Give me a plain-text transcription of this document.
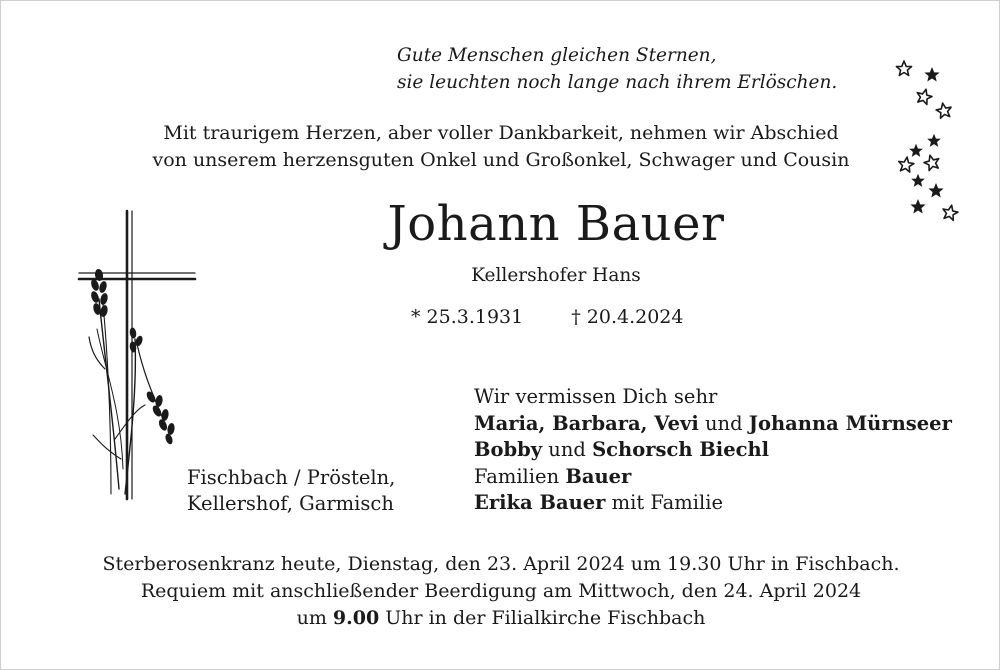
Gute Menschen gleichen Sternen,
sie leuchten noch lange nach ihrem Erlöschen.
Mit traurigem Herzen, aber voller Dankbarkeit, nehmen wir Abschied
von unserem herzensguten Onkel und Großonkel, Schwager und Cousin
Johann Bauer
Kellershofer Hans
* 25.3.1931	† 20.4.2024
Fischbach / Prösteln,
Kellershof, Garmisch
Wir vermissen Dich sehr
Maria, Barbara, Vevi und Johanna Mürnseer
Bobby und Schorsch Biechl
Familien Bauer
Erika Bauer mit Familie
Sterberosenkranz heute, Dienstag, den 23. April 2024 um 19.30 Uhr in Fischbach.
Requiem mit anschließender Beerdigung am Mittwoch, den 24. April 2024
um 9.00 Uhr in der Filialkirche Fischbach
